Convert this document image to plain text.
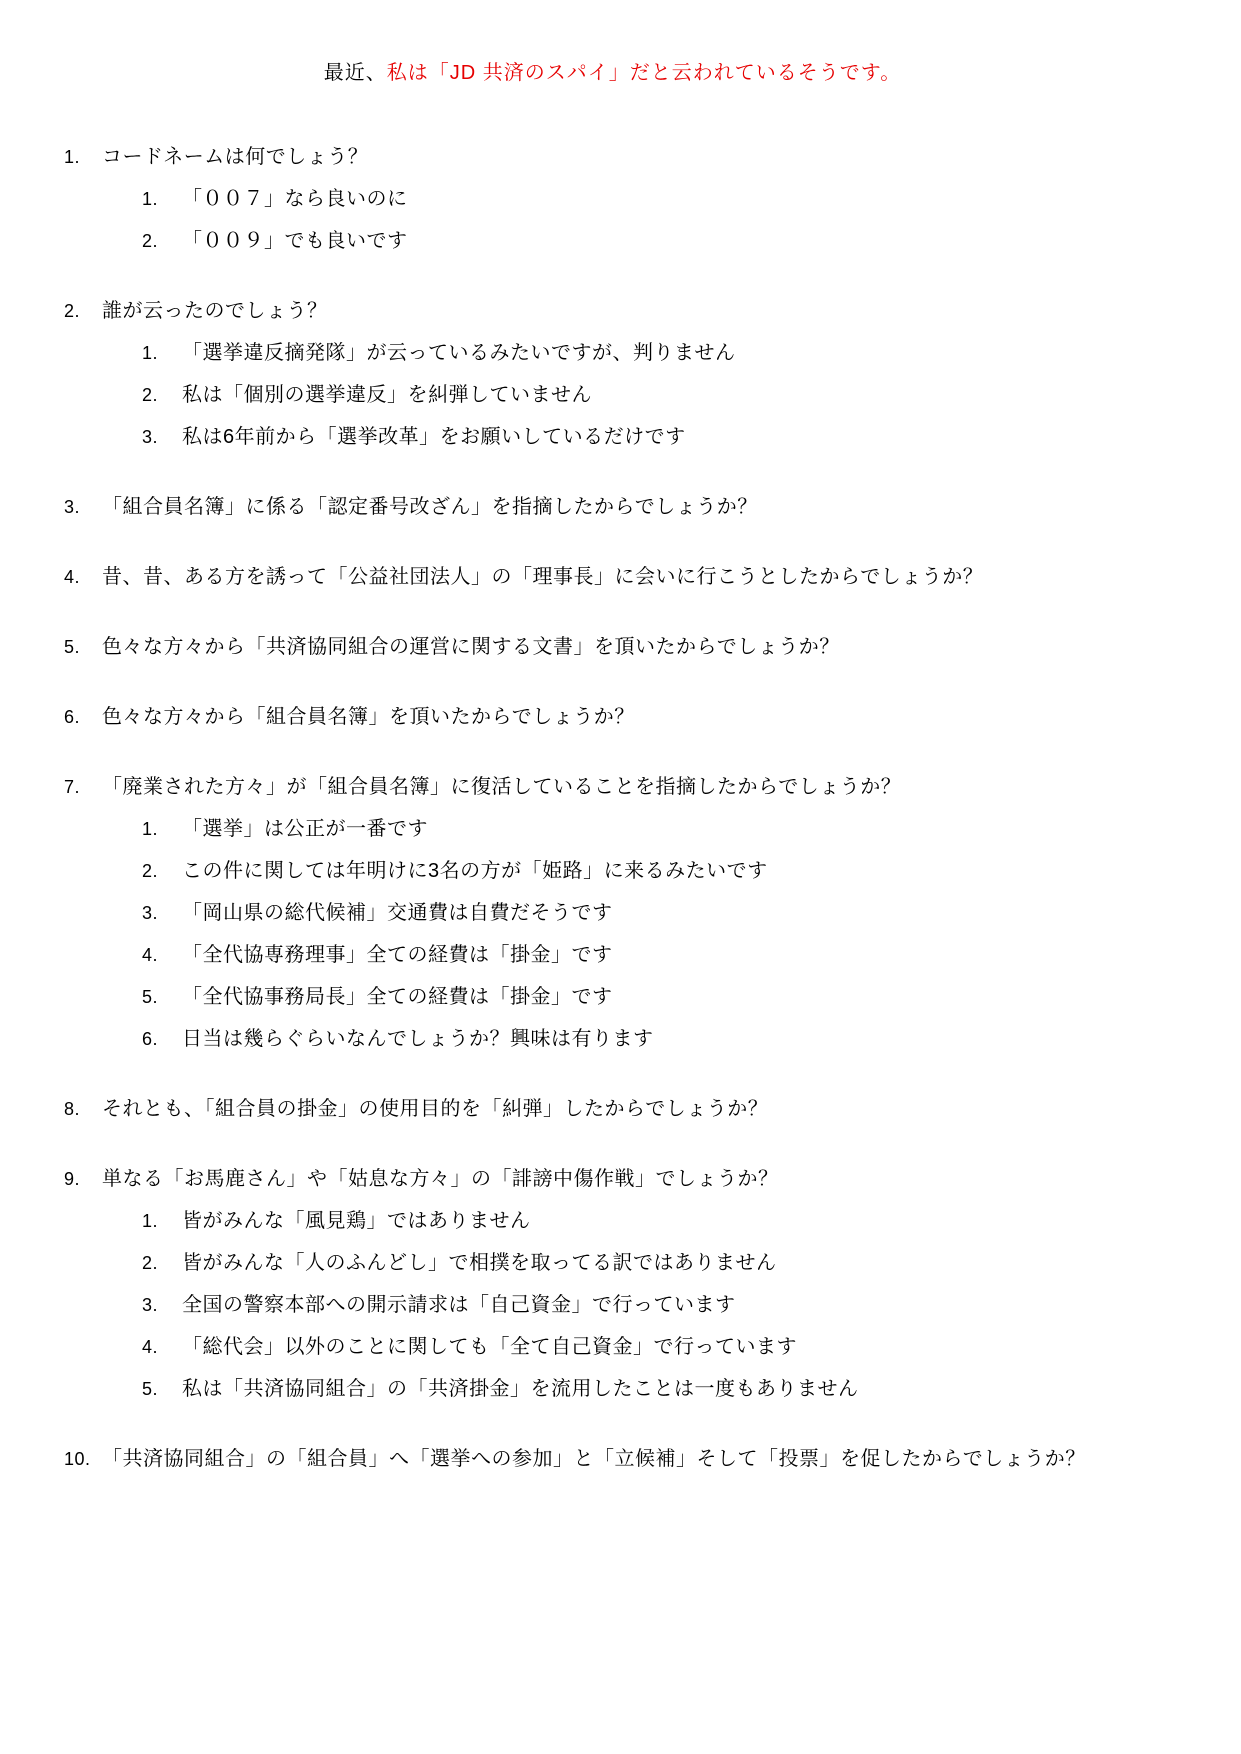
最近、私は「JD 共済のスパイ」だと云われているそうです。
1.	コードネームは何でしょう？
1.	「００７」なら良いのに
2.	「００９」でも良いです
2.	誰が云ったのでしょう？
1.	「選挙違反摘発隊」が云っているみたいですが、判りません
2.	私は「個別の選挙違反」を糾弾していません
3.	私は6年前から「選挙改革」をお願いしているだけです
3.	「組合員名簿」に係る「認定番号改ざん」を指摘したからでしょうか？
4.	昔、昔、ある方を誘って「公益社団法人」の「理事長」に会いに行こうとしたからでしょうか？
5.	色々な方々から「共済協同組合の運営に関する文書」を頂いたからでしょうか？
6.	色々な方々から「組合員名簿」を頂いたからでしょうか？
7.	「廃業された方々」が「組合員名簿」に復活していることを指摘したからでしょうか？
1.	「選挙」は公正が一番です
2.	この件に関しては年明けに3名の方が「姫路」に来るみたいです
3.	「岡山県の総代候補」交通費は自費だそうです
4.	「全代協専務理事」全ての経費は「掛金」です
5.	「全代協事務局長」全ての経費は「掛金」です
6.	日当は幾らぐらいなんでしょうか？興味は有ります
8.	それとも、「組合員の掛金」の使用目的を「糾弾」したからでしょうか？
9.	単なる「お馬鹿さん」や「姑息な方々」の「誹謗中傷作戦」でしょうか？
1.	皆がみんな「風見鶏」ではありません
2.	皆がみんな「人のふんどし」で相撲を取ってる訳ではありません
3.	全国の警察本部への開示請求は「自己資金」で行っています
4.	「総代会」以外のことに関しても「全て自己資金」で行っています
5.	私は「共済協同組合」の「共済掛金」を流用したことは一度もありません
10. 「共済協同組合」の「組合員」へ「選挙への参加」と「立候補」そして「投票」を促したからでしょうか？
